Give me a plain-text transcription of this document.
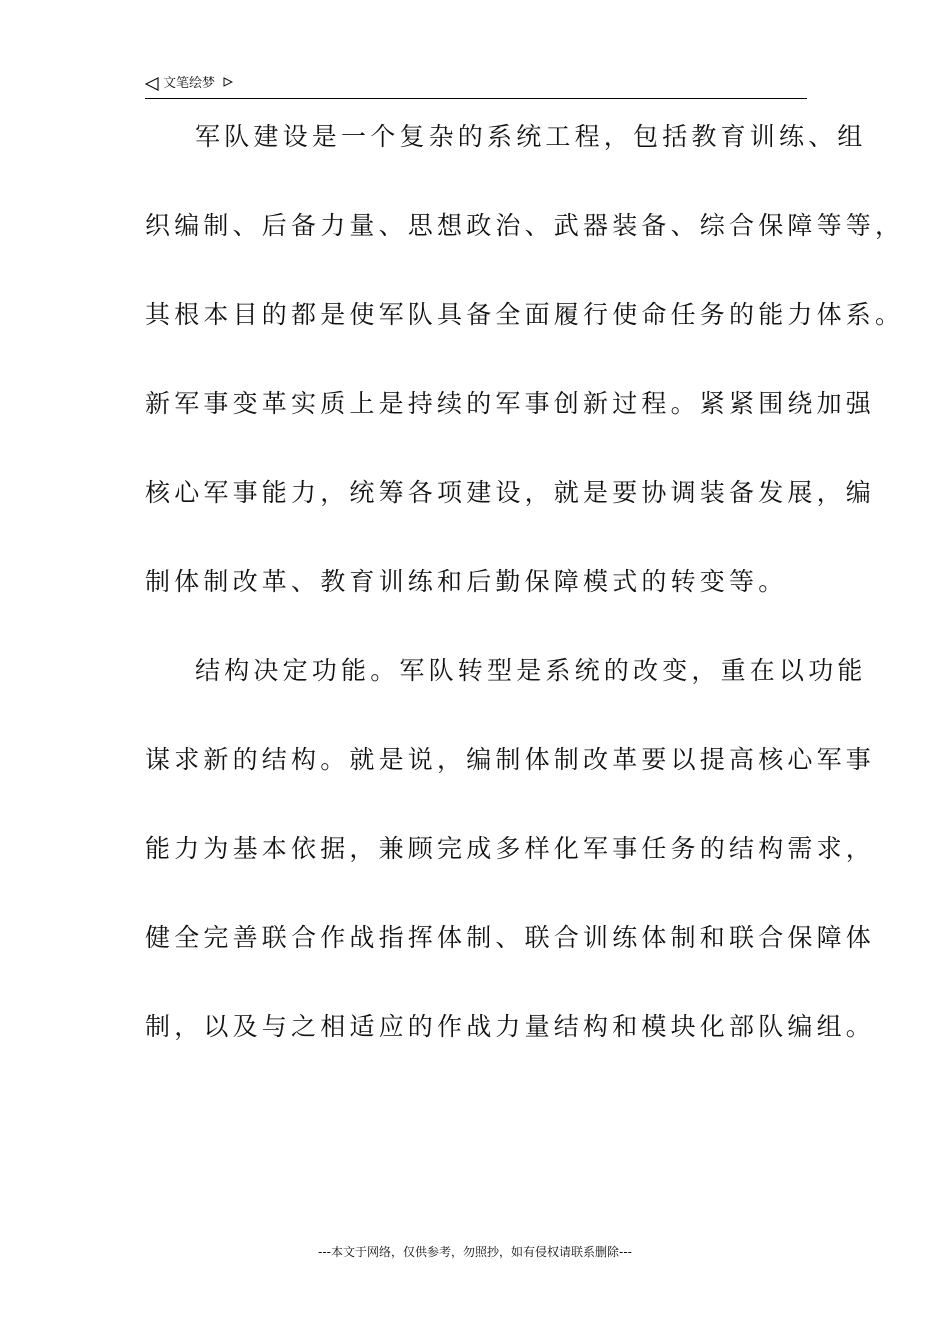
文笔绘梦
军队建设是一个复杂的系统工程，包括教育训练、组
织编制、后备力量、思想政治、武器装备、综合保障等等，
其根本目的都是使军队具备全面履行使命任务的能力体系。
新军事变革实质上是持续的军事创新过程。紧紧围绕加强
核心军事能力，统筹各项建设，就是要协调装备发展，编
制体制改革、教育训练和后勤保障模式的转变等。
结构决定功能。军队转型是系统的改变，重在以功能
谋求新的结构。就是说，编制体制改革要以提高核心军事
能力为基本依据，兼顾完成多样化军事任务的结构需求，
健全完善联合作战指挥体制、联合训练体制和联合保障体
制，以及与之相适应的作战力量结构和模块化部队编组。
---本文于网络，仅供参考，勿照抄，如有侵权请联系删除---
